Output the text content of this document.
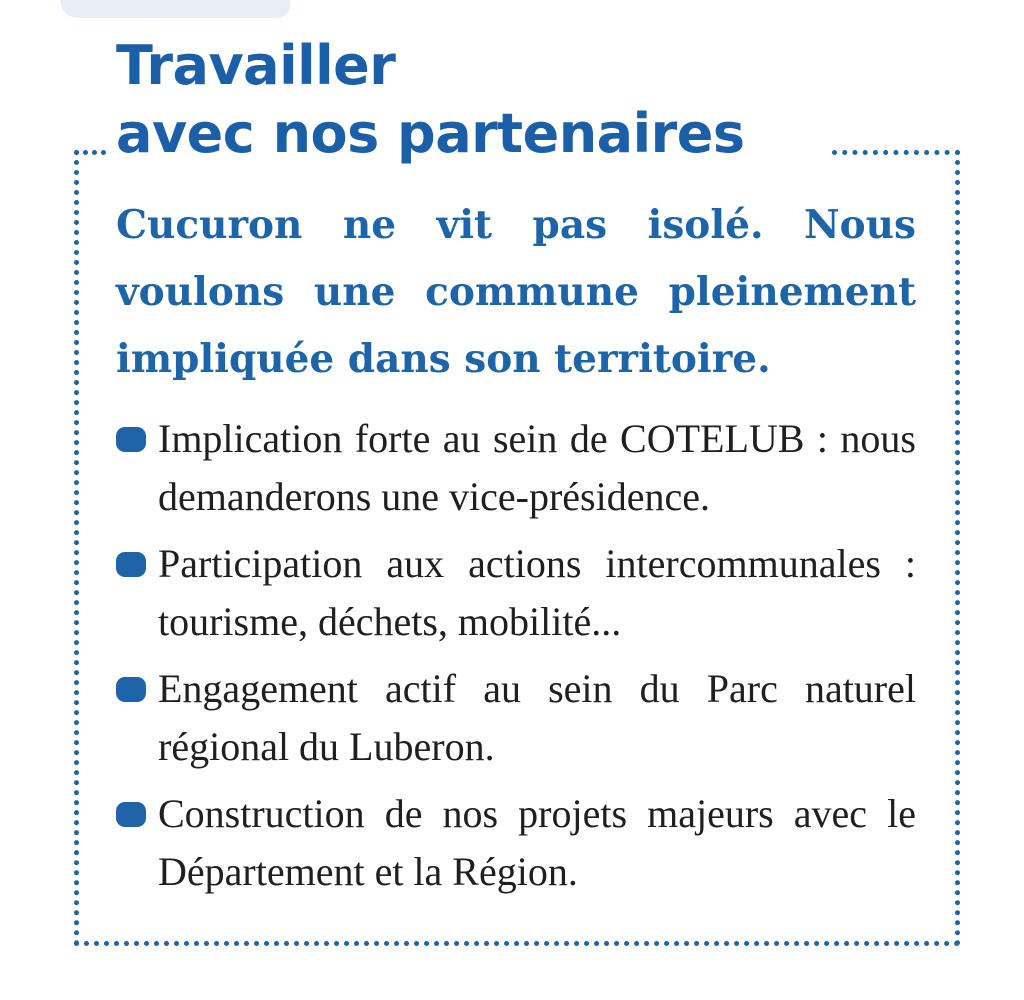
Travailler
avec nos partenaires

Cucuron ne vit pas isolé. Nous voulons une commune pleinement impliquée dans son territoire.

Implication forte au sein de COTELUB : nous demanderons une vice-présidence.
Participation aux actions intercommunales : tourisme, déchets, mobilité...
Engagement actif au sein du Parc naturel régional du Luberon.
Construction de nos projets majeurs avec le Département et la Région.
